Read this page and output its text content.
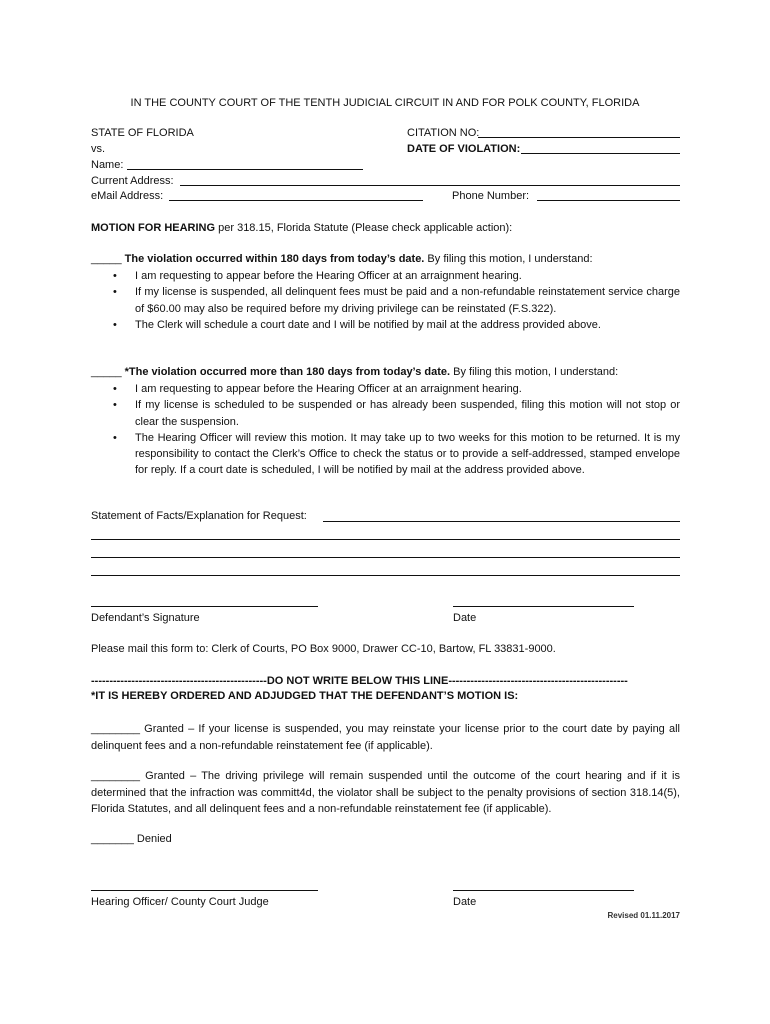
IN THE COUNTY COURT OF THE TENTH JUDICIAL CIRCUIT IN AND FOR POLK COUNTY, FLORIDA
STATE OF FLORIDA
vs.
CITATION NO:
DATE OF VIOLATION:
Name:
Current Address:
eMail Address:	Phone Number:
MOTION FOR HEARING per 318.15, Florida Statute (Please check applicable action):
_____ The violation occurred within 180 days from today’s date. By filing this motion, I understand:
• I am requesting to appear before the Hearing Officer at an arraignment hearing.
• If my license is suspended, all delinquent fees must be paid and a non-refundable reinstatement service charge of $60.00 may also be required before my driving privilege can be reinstated (F.S.322).
• The Clerk will schedule a court date and I will be notified by mail at the address provided above.
_____ *The violation occurred more than 180 days from today’s date. By filing this motion, I understand:
• I am requesting to appear before the Hearing Officer at an arraignment hearing.
• If my license is scheduled to be suspended or has already been suspended, filing this motion will not stop or clear the suspension.
• The Hearing Officer will review this motion. It may take up to two weeks for this motion to be returned. It is my responsibility to contact the Clerk’s Office to check the status or to provide a self-addressed, stamped envelope for reply. If a court date is scheduled, I will be notified by mail at the address provided above.
Statement of Facts/Explanation for Request:
Defendant’s Signature	Date
Please mail this form to: Clerk of Courts, PO Box 9000, Drawer CC-10, Bartow, FL 33831-9000.
------------------------------------------------DO NOT WRITE BELOW THIS LINE-------------------------------------------------
*IT IS HEREBY ORDERED AND ADJUDGED THAT THE DEFENDANT’S MOTION IS:
________ Granted – If your license is suspended, you may reinstate your license prior to the court date by paying all delinquent fees and a non-refundable reinstatement fee (if applicable).
________ Granted – The driving privilege will remain suspended until the outcome of the court hearing and if it is determined that the infraction was committ4d, the violator shall be subject to the penalty provisions of section 318.14(5), Florida Statutes, and all delinquent fees and a non-refundable reinstatement fee (if applicable).
_______ Denied
Hearing Officer/ County Court Judge	Date
Revised 01.11.2017
